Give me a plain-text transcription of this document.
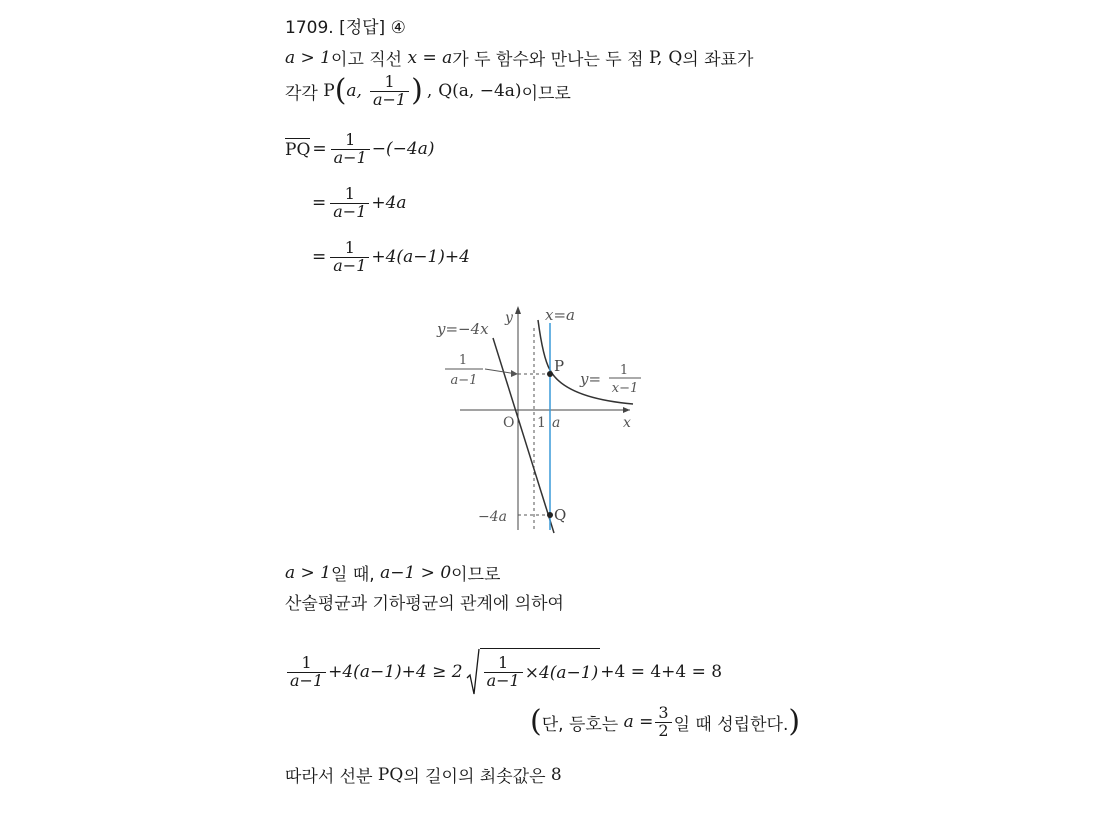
1709. [정답] ④
a > 1 이고 직선 x = a 가 두 함수와 만나는 두 점 P, Q 의 좌표가
각각 P ( a, $\frac{1}{a-1}$ ) , Q(a, −4a) 이므로
PQ = $\frac{1}{a-1} -(-4a)$
= $\frac{1}{a-1} +4a$
= $\frac{1}{a-1} +4(a-1)+4$
y=−4x
y x=a
P
y= 1
x−1
1
a−1
O 1 a	x
−4a	Q
a > 1 일 때, a−1 > 0 이므로
산술평균과 기하평균의 관계에 의하여
$\frac{1}{a-1} +4(a-1)+4 \ge 2 \frac{1}{a-1} \times 4(a-1) +4 = 4+4 = 8$
( 단, 등호는 $a = \frac{3}{2}$ 일 때 성립한다. )
따라서 선분 PQ 의 길이의 최솟값은 8
